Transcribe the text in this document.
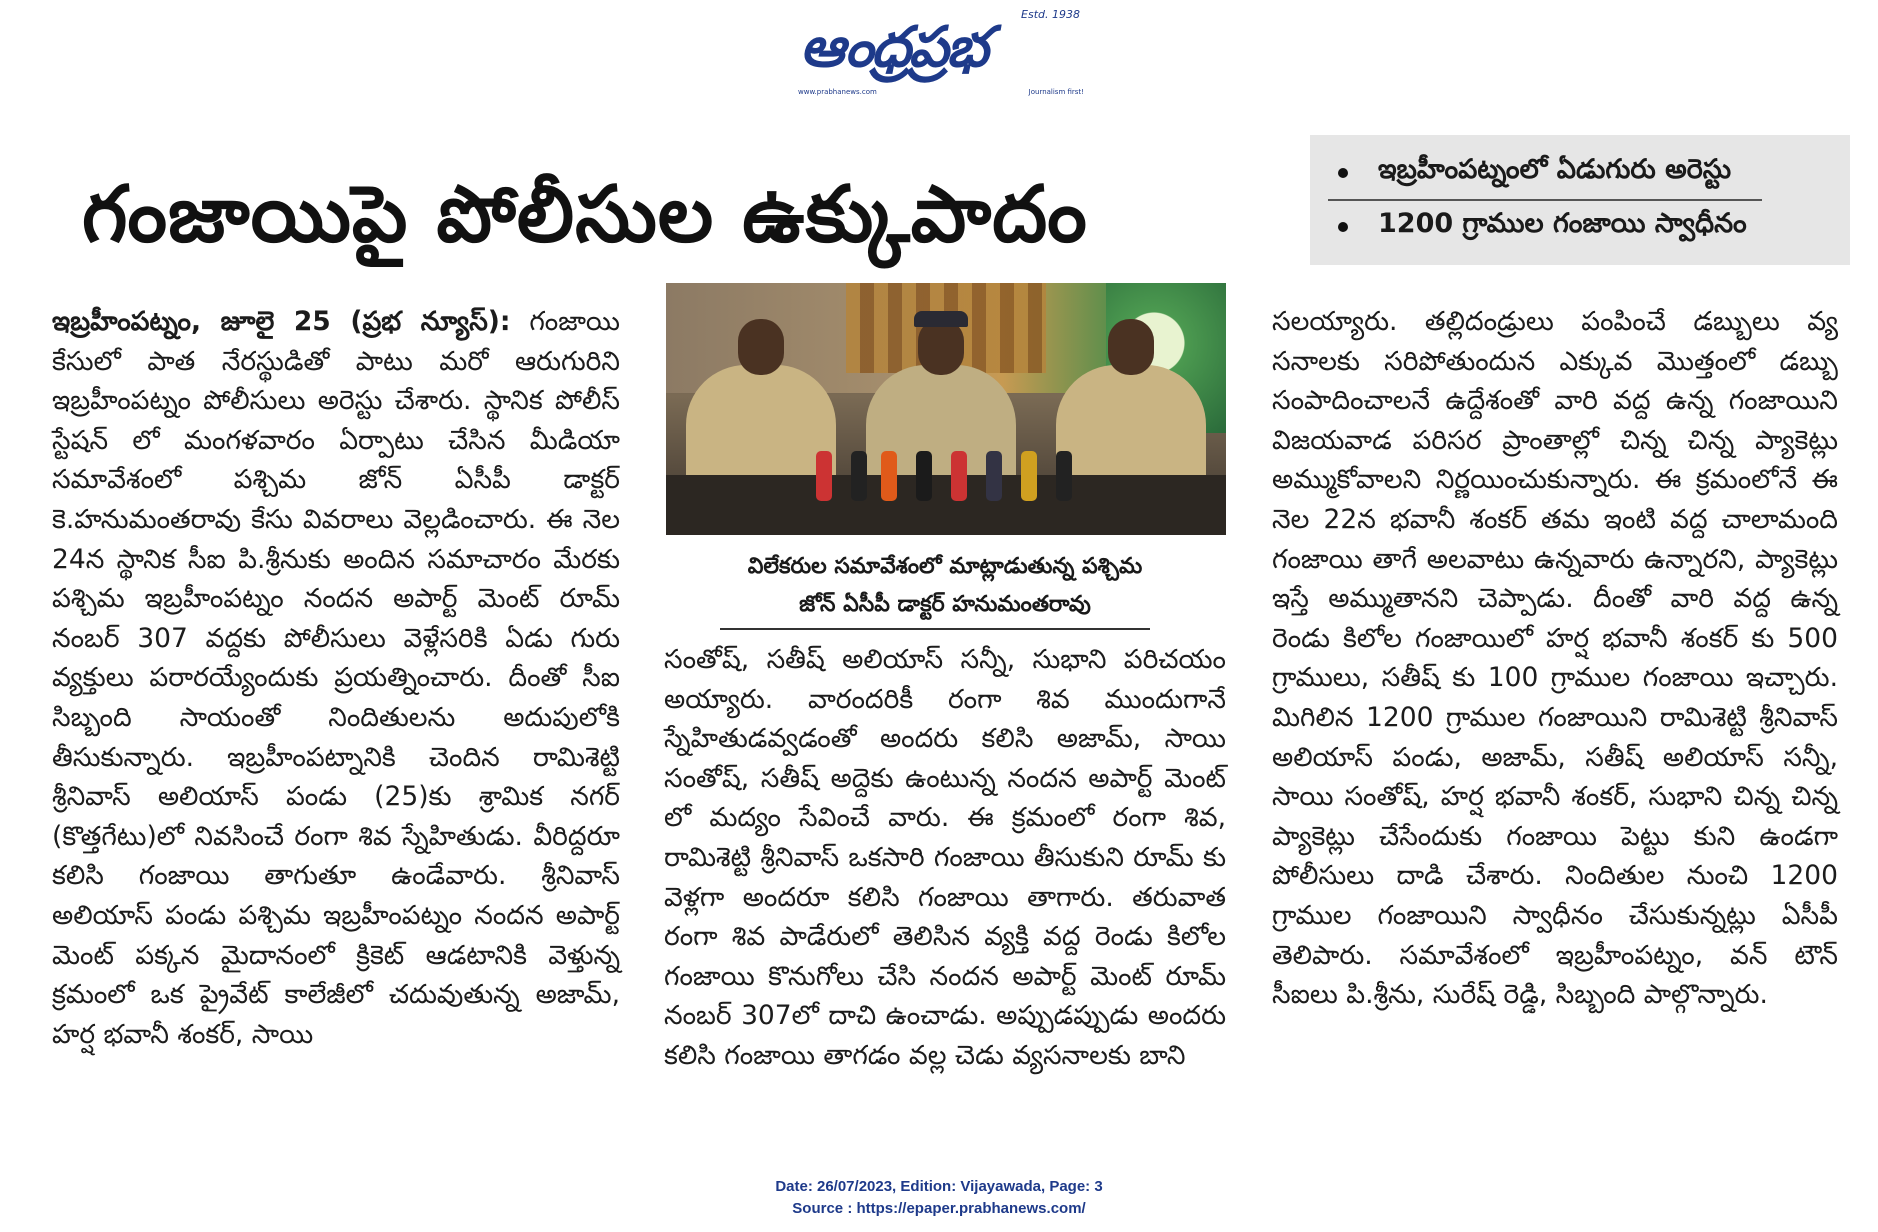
ఆంధ్రప్రభ
Estd. 1938
www.prabhanews.com	Journalism first!
గంజాయిపై పోలీసుల ఉక్కుపాదం
ఇబ్రహీంపట్నంలో ఏడుగురు అరెస్టు
1200 గ్రాముల గంజాయి స్వాధీనం

ఇబ్రహీంపట్నం, జూలై 25 (ప్రభ న్యూస్): గంజాయి కేసులో పాత నేరస్థుడితో పాటు మరో ఆరుగురిని ఇబ్రహీంపట్నం పోలీసులు అరెస్టు చేశారు. స్థానిక పోలీస్ స్టేషన్ లో మంగళవారం ఏర్పాటు చేసిన మీడియా సమావేశంలో పశ్చిమ జోన్ ఏసీపీ డాక్టర్ కె.హనుమంతరావు కేసు వివరాలు వెల్లడించారు. ఈ నెల 24న స్థానిక సీఐ పి.శ్రీనుకు అందిన సమాచారం మేరకు పశ్చిమ ఇబ్రహీంపట్నం నందన అపార్ట్ మెంట్ రూమ్ నంబర్ 307 వద్దకు పోలీసులు వెళ్లేసరికి ఏడు గురు వ్యక్తులు పరారయ్యేందుకు ప్రయత్నించారు. దీంతో సీఐ సిబ్బంది సాయంతో నిందితులను అదుపులోకి తీసుకున్నారు. ఇబ్రహీంపట్నానికి చెందిన రామిశెట్టి శ్రీనివాస్ అలియాస్ పండు (25)కు శ్రామిక నగర్ (కొత్తగేటు)లో నివసించే రంగా శివ స్నేహితుడు. వీరిద్దరూ కలిసి గంజాయి తాగుతూ ఉండేవారు. శ్రీనివాస్ అలియాస్ పండు పశ్చిమ ఇబ్రహీంపట్నం నందన అపార్ట్ మెంట్ పక్కన మైదానంలో క్రికెట్ ఆడటానికి వెళ్తున్న క్రమంలో ఒక ప్రైవేట్ కాలేజీలో చదువుతున్న అజామ్, హర్ష భవానీ శంకర్, సాయి

విలేకరుల సమావేశంలో మాట్లాడుతున్న పశ్చిమ
జోన్ ఏసీపీ డాక్టర్ హనుమంతరావు

సంతోష్, సతీష్ అలియాస్ సన్నీ, సుభాని పరిచయం అయ్యారు. వారందరికీ రంగా శివ ముందుగానే స్నేహితుడవ్వడంతో అందరు కలిసి అజామ్, సాయి సంతోష్, సతీష్ అద్దెకు ఉంటున్న నందన అపార్ట్ మెంట్ లో మద్యం సేవించే వారు. ఈ క్రమంలో రంగా శివ, రామిశెట్టి శ్రీనివాస్ ఒకసారి గంజాయి తీసుకుని రూమ్ కు వెళ్లగా అందరూ కలిసి గంజాయి తాగారు. తరువాత రంగా శివ పాడేరులో తెలిసిన వ్యక్తి వద్ద రెండు కిలోల గంజాయి కొనుగోలు చేసి నందన అపార్ట్ మెంట్ రూమ్ నంబర్ 307లో దాచి ఉంచాడు. అప్పుడప్పుడు అందరు కలిసి గంజాయి తాగడం వల్ల చెడు వ్యసనాలకు బాని

సలయ్యారు. తల్లిదండ్రులు పంపించే డబ్బులు వ్య సనాలకు సరిపోతుందున ఎక్కువ మొత్తంలో డబ్బు సంపాదించాలనే ఉద్దేశంతో వారి వద్ద ఉన్న గంజాయిని విజయవాడ పరిసర ప్రాంతాల్లో చిన్న చిన్న ప్యాకెట్లు అమ్ముకోవాలని నిర్ణయించుకున్నారు. ఈ క్రమంలోనే ఈ నెల 22న భవానీ శంకర్ తమ ఇంటి వద్ద చాలామంది గంజాయి తాగే అలవాటు ఉన్నవారు ఉన్నారని, ప్యాకెట్లు ఇస్తే అమ్ముతానని చెప్పాడు. దీంతో వారి వద్ద ఉన్న రెండు కిలోల గంజాయిలో హర్ష భవానీ శంకర్ కు 500 గ్రాములు, సతీష్ కు 100 గ్రాముల గంజాయి ఇచ్చారు. మిగిలిన 1200 గ్రాముల గంజాయిని రామిశెట్టి శ్రీనివాస్ అలియాస్ పండు, అజామ్, సతీష్ అలియాస్ సన్నీ, సాయి సంతోష్, హర్ష భవానీ శంకర్, సుభాని చిన్న చిన్న ప్యాకెట్లు చేసేందుకు గంజాయి పెట్టు కుని ఉండగా పోలీసులు దాడి చేశారు. నిందితుల నుంచి 1200 గ్రాముల గంజాయిని స్వాధీనం చేసుకున్నట్లు ఏసీపీ తెలిపారు. సమావేశంలో ఇబ్రహీంపట్నం, వన్ టౌన్ సీఐలు పి.శ్రీను, సురేష్ రెడ్డి, సిబ్బంది పాల్గొన్నారు.

Date: 26/07/2023, Edition: Vijayawada, Page: 3
Source : https://epaper.prabhanews.com/
